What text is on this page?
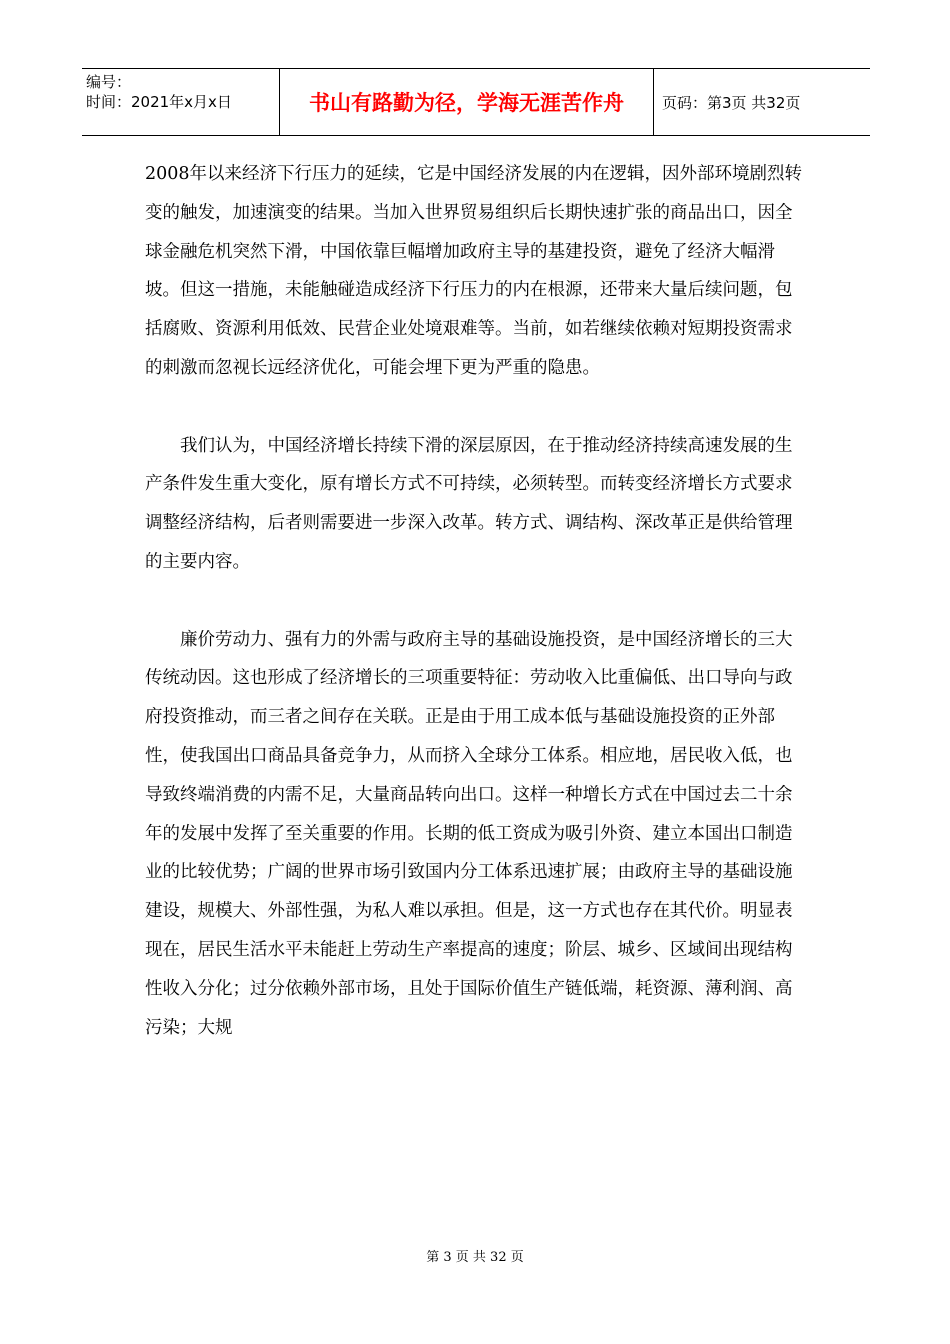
编号：
时间：2021年x月x日	书山有路勤为径，学海无涯苦作舟	页码：第3页 共32页

2008年以来经济下行压力的延续，它是中国经济发展的内在逻辑，因外部环境剧烈转变的触发，加速演变的结果。当加入世界贸易组织后长期快速扩张的商品出口，因全球金融危机突然下滑，中国依靠巨幅增加政府主导的基建投资，避免了经济大幅滑坡。但这一措施，未能触碰造成经济下行压力的内在根源，还带来大量后续问题，包括腐败、资源利用低效、民营企业处境艰难等。当前，如若继续依赖对短期投资需求的刺激而忽视长远经济优化，可能会埋下更为严重的隐患。

我们认为，中国经济增长持续下滑的深层原因，在于推动经济持续高速发展的生产条件发生重大变化，原有增长方式不可持续，必须转型。而转变经济增长方式要求调整经济结构，后者则需要进一步深入改革。转方式、调结构、深改革正是供给管理的主要内容。

廉价劳动力、强有力的外需与政府主导的基础设施投资，是中国经济增长的三大传统动因。这也形成了经济增长的三项重要特征：劳动收入比重偏低、出口导向与政府投资推动，而三者之间存在关联。正是由于用工成本低与基础设施投资的正外部性，使我国出口商品具备竞争力，从而挤入全球分工体系。相应地，居民收入低，也导致终端消费的内需不足，大量商品转向出口。这样一种增长方式在中国过去二十余年的发展中发挥了至关重要的作用。长期的低工资成为吸引外资、建立本国出口制造业的比较优势；广阔的世界市场引致国内分工体系迅速扩展；由政府主导的基础设施建设，规模大、外部性强，为私人难以承担。但是，这一方式也存在其代价。明显表现在，居民生活水平未能赶上劳动生产率提高的速度；阶层、城乡、区域间出现结构性收入分化；过分依赖外部市场，且处于国际价值生产链低端，耗资源、薄利润、高污染；大规

第 3 页 共 32 页
